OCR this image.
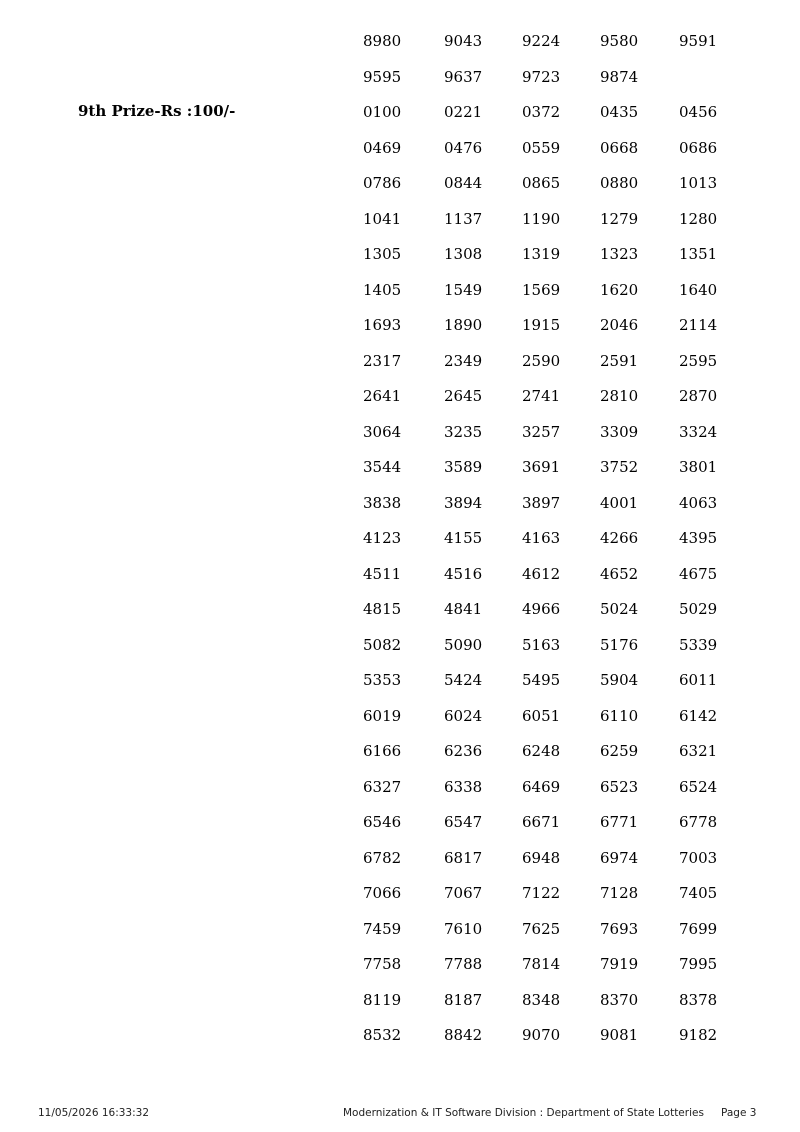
9th Prize-Rs :100/-
8980	9043	9224	9580	9591
9595	9637	9723	9874
0100	0221	0372	0435	0456
0469	0476	0559	0668	0686
0786	0844	0865	0880	1013
1041	1137	1190	1279	1280
1305	1308	1319	1323	1351
1405	1549	1569	1620	1640
1693	1890	1915	2046	2114
2317	2349	2590	2591	2595
2641	2645	2741	2810	2870
3064	3235	3257	3309	3324
3544	3589	3691	3752	3801
3838	3894	3897	4001	4063
4123	4155	4163	4266	4395
4511	4516	4612	4652	4675
4815	4841	4966	5024	5029
5082	5090	5163	5176	5339
5353	5424	5495	5904	6011
6019	6024	6051	6110	6142
6166	6236	6248	6259	6321
6327	6338	6469	6523	6524
6546	6547	6671	6771	6778
6782	6817	6948	6974	7003
7066	7067	7122	7128	7405
7459	7610	7625	7693	7699
7758	7788	7814	7919	7995
8119	8187	8348	8370	8378
8532	8842	9070	9081	9182
11/05/2026 16:33:32	Modernization & IT Software Division : Department of State Lotteries Page 3
